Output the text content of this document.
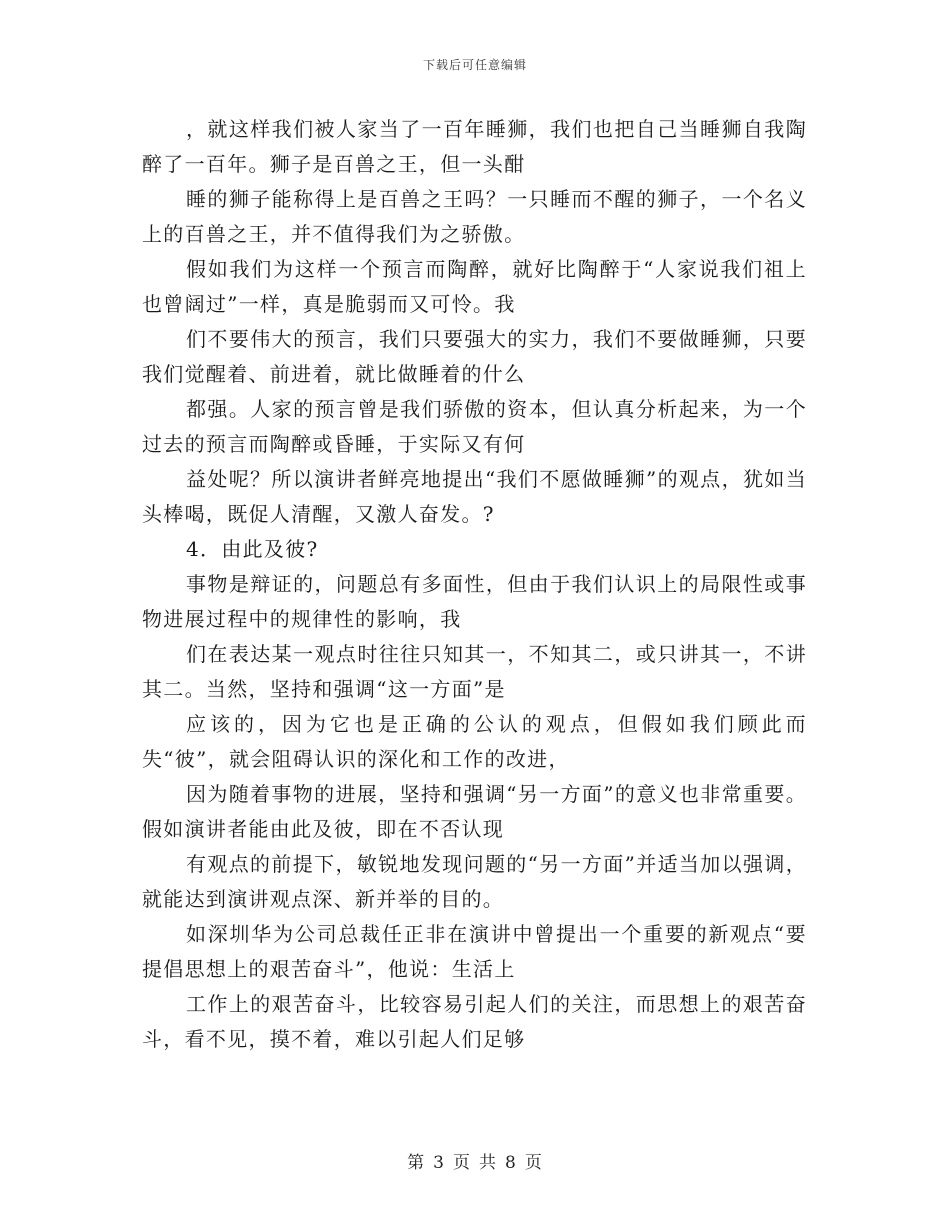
下载后可任意编辑

，就这样我们被人家当了一百年睡狮，我们也把自己当睡狮自我陶醉了一百年。狮子是百兽之王，但一头酣

睡的狮子能称得上是百兽之王吗？一只睡而不醒的狮子，一个名义上的百兽之王，并不值得我们为之骄傲。

假如我们为这样一个预言而陶醉，就好比陶醉于“人家说我们祖上也曾阔过”一样，真是脆弱而又可怜。我

们不要伟大的预言，我们只要强大的实力，我们不要做睡狮，只要我们觉醒着、前进着，就比做睡着的什么

都强。人家的预言曾是我们骄傲的资本，但认真分析起来，为一个过去的预言而陶醉或昏睡，于实际又有何

益处呢？所以演讲者鲜亮地提出“我们不愿做睡狮”的观点，犹如当头棒喝，既促人清醒，又激人奋发。?

4．由此及彼?

事物是辩证的，问题总有多面性，但由于我们认识上的局限性或事物进展过程中的规律性的影响，我

们在表达某一观点时往往只知其一，不知其二，或只讲其一，不讲其二。当然，坚持和强调“这一方面”是

应该的，因为它也是正确的公认的观点，但假如我们顾此而失“彼”，就会阻碍认识的深化和工作的改进，

因为随着事物的进展，坚持和强调“另一方面”的意义也非常重要。假如演讲者能由此及彼，即在不否认现

有观点的前提下，敏锐地发现问题的“另一方面”并适当加以强调，就能达到演讲观点深、新并举的目的。

如深圳华为公司总裁任正非在演讲中曾提出一个重要的新观点“要提倡思想上的艰苦奋斗”，他说：生活上

工作上的艰苦奋斗，比较容易引起人们的关注，而思想上的艰苦奋斗，看不见，摸不着，难以引起人们足够

第 3 页 共 8 页
